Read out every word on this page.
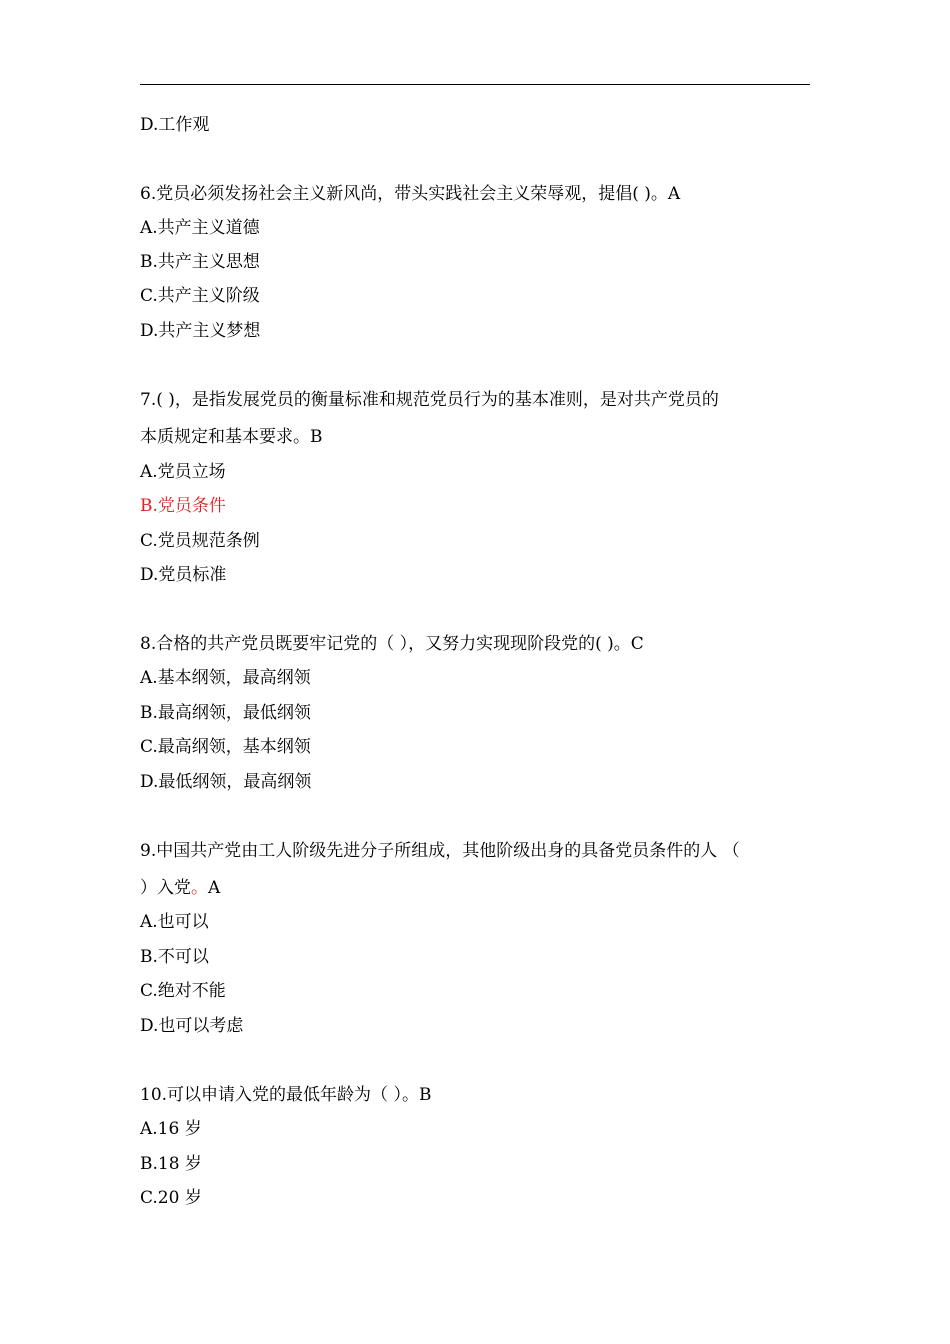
D.工作观
6.党员必须发扬社会主义新风尚，带头实践社会主义荣辱观，提倡( )。A
A.共产主义道德
B.共产主义思想
C.共产主义阶级
D.共产主义梦想
7.( )，是指发展党员的衡量标准和规范党员行为的基本准则，是对共产党员的
本质规定和基本要求。B
A.党员立场
B.党员条件
C.党员规范条例
D.党员标准
8.合格的共产党员既要牢记党的（ ），又努力实现现阶段党的( )。C
A.基本纲领，最高纲领
B.最高纲领，最低纲领
C.最高纲领，基本纲领
D.最低纲领，最高纲领
9.中国共产党由工人阶级先进分子所组成，其他阶级出身的具备党员条件的人 （
）入党。A
A.也可以
B.不可以
C.绝对不能
D.也可以考虑
10.可以申请入党的最低年龄为（ ）。B
A.16 岁
B.18 岁
C.20 岁
